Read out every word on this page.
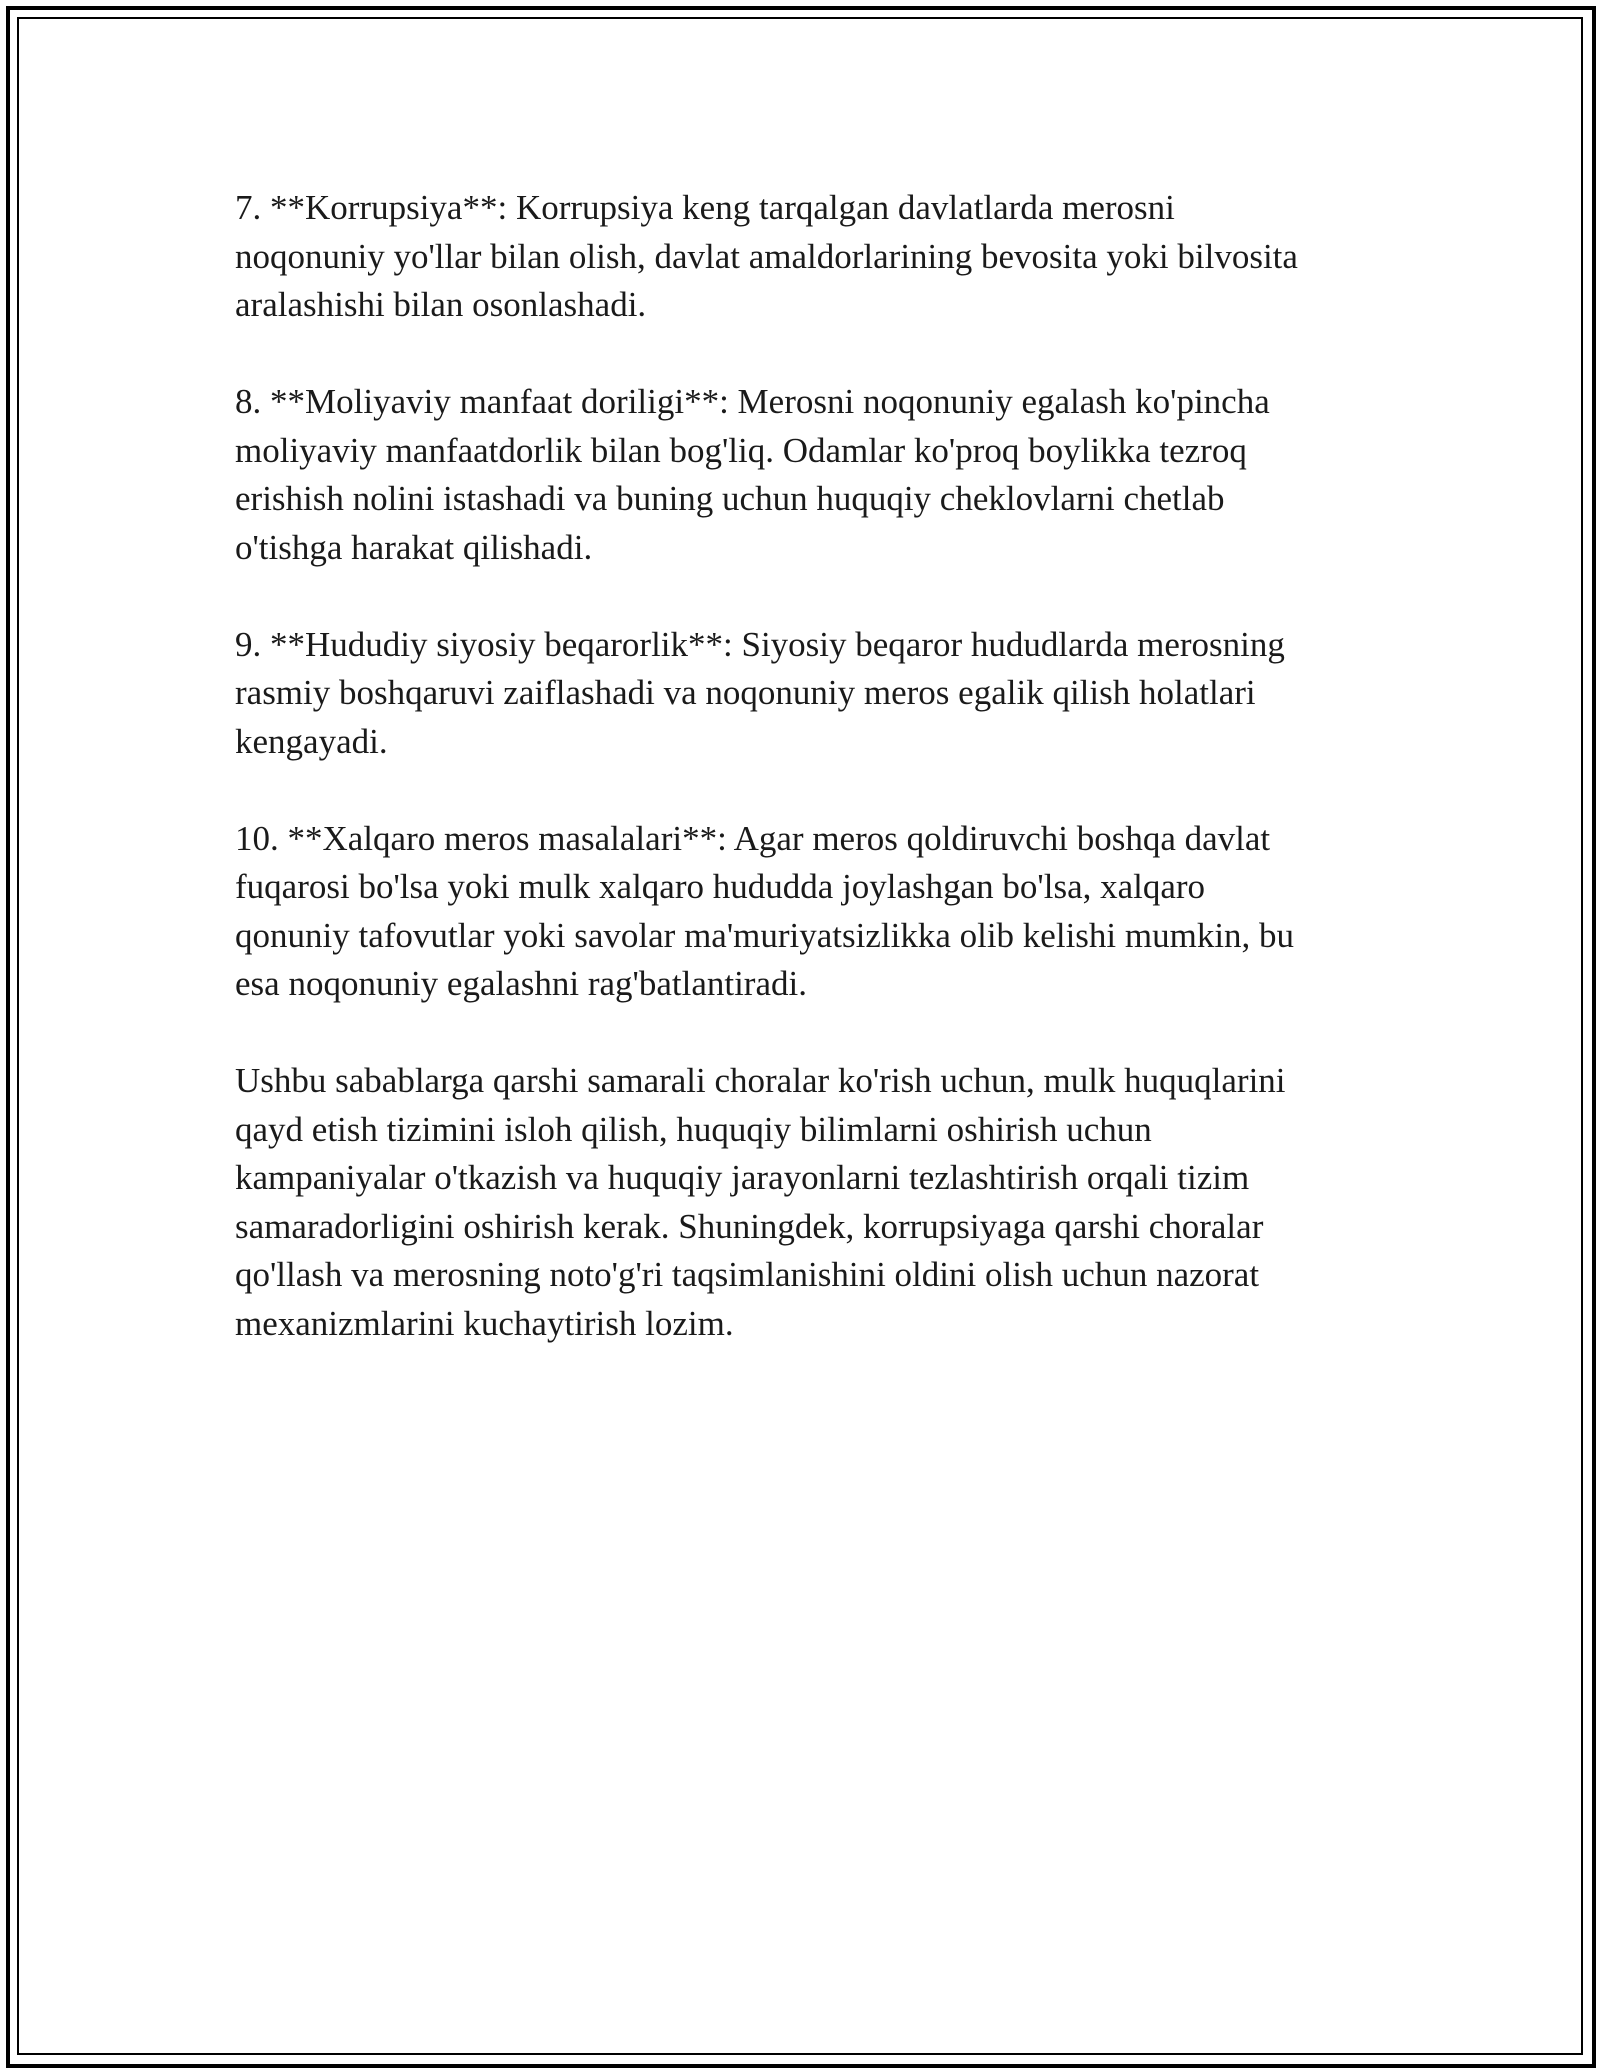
7. **Korrupsiya**: Korrupsiya keng tarqalgan davlatlarda merosni
noqonuniy yo'llar bilan olish, davlat amaldorlarining bevosita yoki bilvosita
aralashishi bilan osonlashadi.

8. **Moliyaviy manfaat doriligi**: Merosni noqonuniy egalash ko'pincha
moliyaviy manfaatdorlik bilan bog'liq. Odamlar ko'proq boylikka tezroq
erishish nolini istashadi va buning uchun huquqiy cheklovlarni chetlab
o'tishga harakat qilishadi.

9. **Hududiy siyosiy beqarorlik**: Siyosiy beqaror hududlarda merosning
rasmiy boshqaruvi zaiflashadi va noqonuniy meros egalik qilish holatlari
kengayadi.

10. **Xalqaro meros masalalari**: Agar meros qoldiruvchi boshqa davlat
fuqarosi bo'lsa yoki mulk xalqaro hududda joylashgan bo'lsa, xalqaro
qonuniy tafovutlar yoki savolar ma'muriyatsizlikka olib kelishi mumkin, bu
esa noqonuniy egalashni rag'batlantiradi.

Ushbu sabablarga qarshi samarali choralar ko'rish uchun, mulk huquqlarini
qayd etish tizimini isloh qilish, huquqiy bilimlarni oshirish uchun
kampaniyalar o'tkazish va huquqiy jarayonlarni tezlashtirish orqali tizim
samaradorligini oshirish kerak. Shuningdek, korrupsiyaga qarshi choralar
qo'llash va merosning noto'g'ri taqsimlanishini oldini olish uchun nazorat
mexanizmlarini kuchaytirish lozim.
